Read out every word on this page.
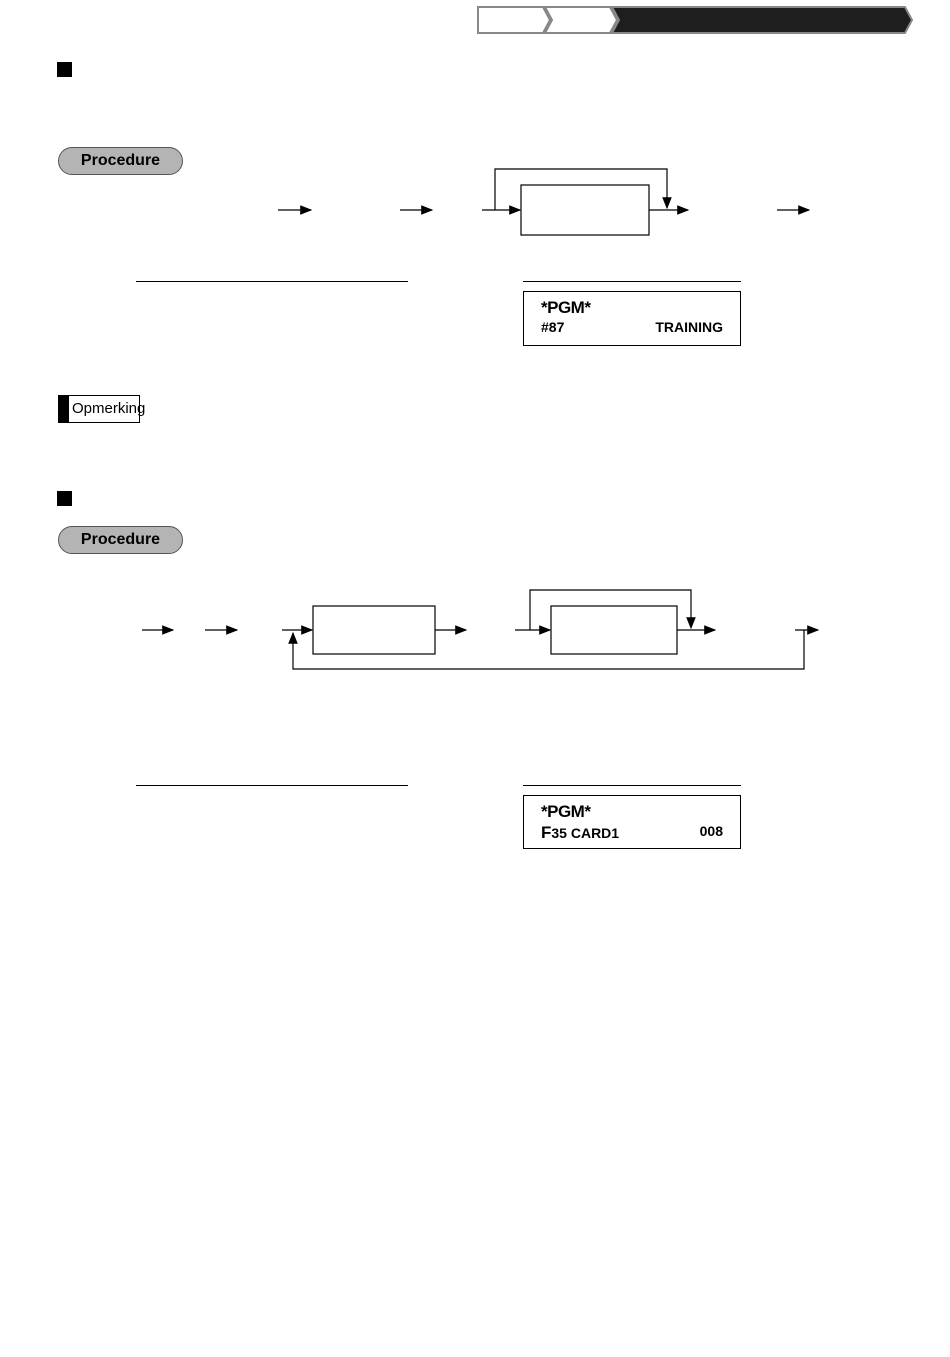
Procedure
*PGM*
#87	TRAINING
Opmerking
Procedure
*PGM*
F35 CARD1	008
